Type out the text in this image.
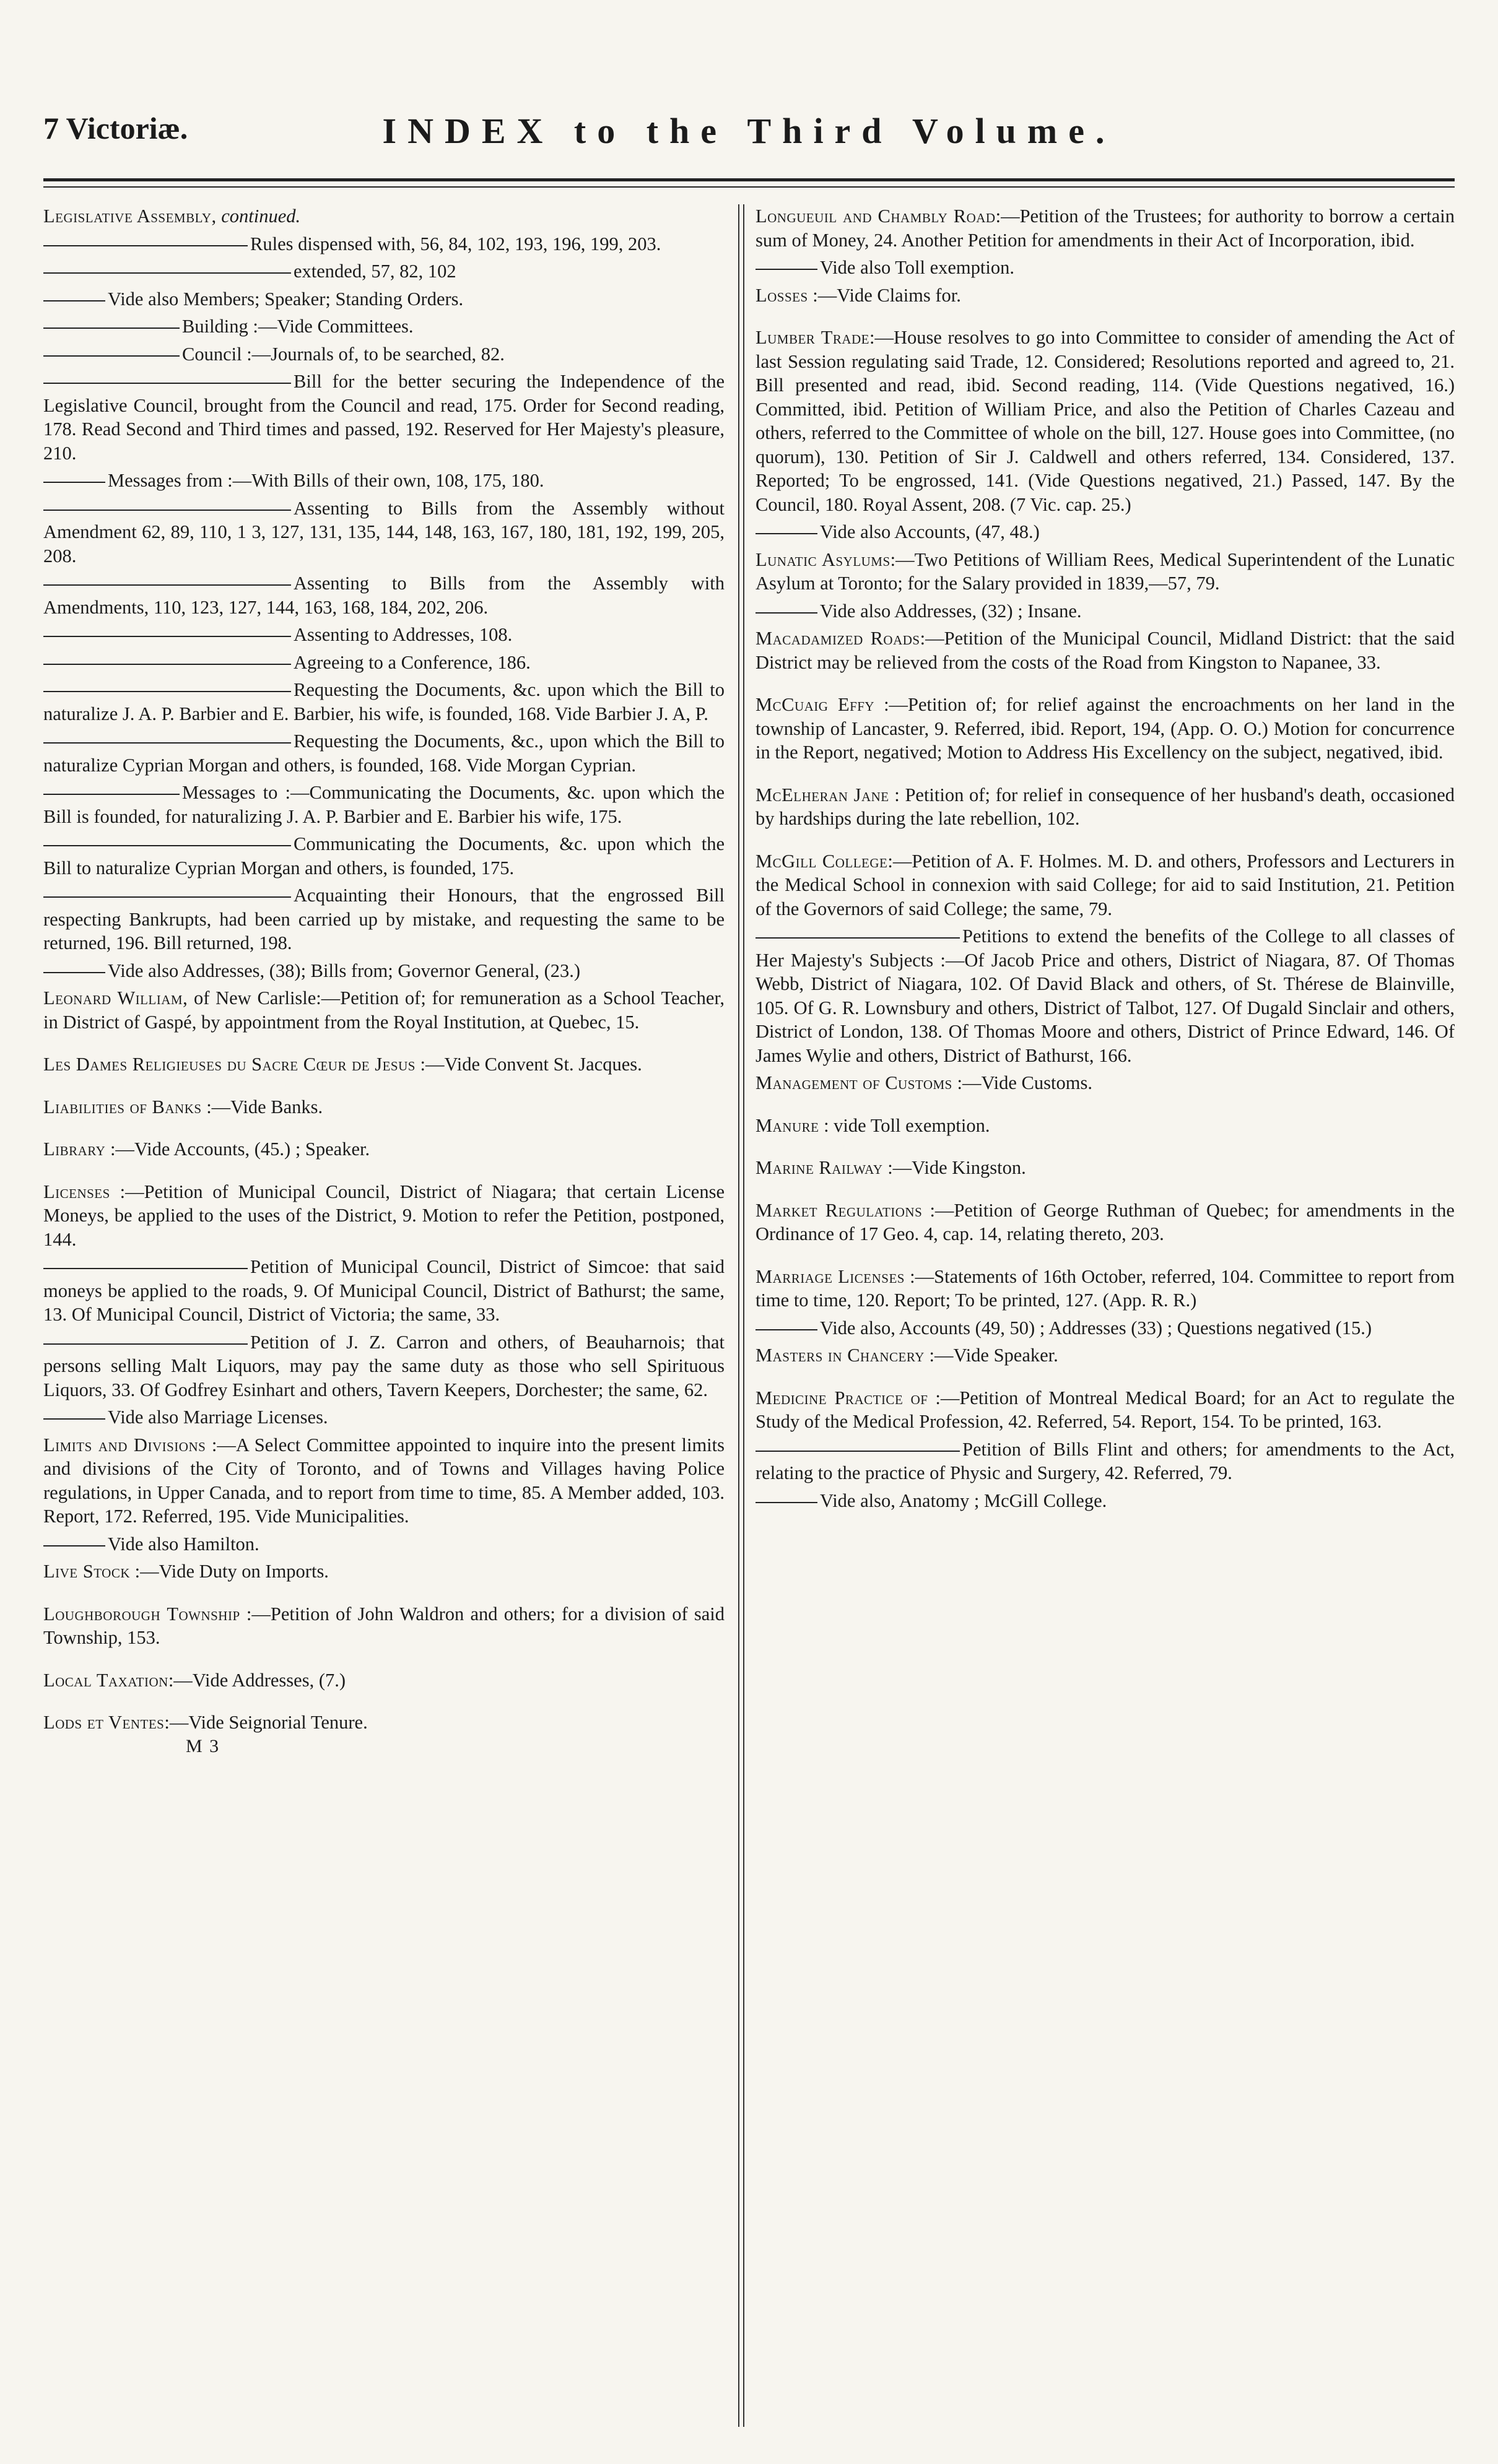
7 Victoriæ.	INDEX to the Third Volume.

Legislative Assembly, continued.

Rules dispensed with, 56, 84, 102, 193, 196, 199, 203.

extended, 57, 82, 102

Vide also Members; Speaker; Standing Orders.

Building :—Vide Committees.

Council :—Journals of, to be searched, 82.

Bill for the better securing the Independence of the Legislative Council, brought from the Council and read, 175. Order for Second reading, 178. Read Second and Third times and passed, 192. Reserved for Her Majesty's pleasure, 210.

Messages from :—With Bills of their own, 108, 175, 180.

Assenting to Bills from the Assembly without Amendment 62, 89, 110, 1 3, 127, 131, 135, 144, 148, 163, 167, 180, 181, 192, 199, 205, 208.

Assenting to Bills from the Assembly with Amendments, 110, 123, 127, 144, 163, 168, 184, 202, 206.

Assenting to Addresses, 108.

Agreeing to a Conference, 186.

Requesting the Documents, &c. upon which the Bill to naturalize J. A. P. Barbier and E. Barbier, his wife, is founded, 168. Vide Barbier J. A, P.

Requesting the Documents, &c., upon which the Bill to naturalize Cyprian Morgan and others, is founded, 168. Vide Morgan Cyprian.

Messages to :—Communicating the Documents, &c. upon which the Bill is founded, for naturalizing J. A. P. Barbier and E. Barbier his wife, 175.

Communicating the Documents, &c. upon which the Bill to naturalize Cyprian Morgan and others, is founded, 175.

Acquainting their Honours, that the engrossed Bill respecting Bankrupts, had been carried up by mistake, and requesting the same to be returned, 196. Bill returned, 198.

Vide also Addresses, (38); Bills from; Governor General, (23.)

Leonard William, of New Carlisle:—Petition of; for remuneration as a School Teacher, in District of Gaspé, by appointment from the Royal Institution, at Quebec, 15.

Les Dames Religieuses du Sacre Cœur de Jesus :—Vide Convent St. Jacques.

Liabilities of Banks :—Vide Banks.

Library :—Vide Accounts, (45.) ; Speaker.

Licenses :—Petition of Municipal Council, District of Niagara; that certain License Moneys, be applied to the uses of the District, 9. Motion to refer the Petition, postponed, 144.

Petition of Municipal Council, District of Simcoe: that said moneys be applied to the roads, 9. Of Municipal Council, District of Bathurst; the same, 13. Of Municipal Council, District of Victoria; the same, 33.

Petition of J. Z. Carron and others, of Beauharnois; that persons selling Malt Liquors, may pay the same duty as those who sell Spirituous Liquors, 33. Of Godfrey Esinhart and others, Tavern Keepers, Dorchester; the same, 62.

Vide also Marriage Licenses.

Limits and Divisions :—A Select Committee appointed to inquire into the present limits and divisions of the City of Toronto, and of Towns and Villages having Police regulations, in Upper Canada, and to report from time to time, 85. A Member added, 103. Report, 172. Referred, 195. Vide Municipalities.

Vide also Hamilton.

Live Stock :—Vide Duty on Imports.

Loughborough Township :—Petition of John Waldron and others; for a division of said Township, 153.

Local Taxation:—Vide Addresses, (7.)

Lods et Ventes:—Vide Seignorial Tenure.

M 3

Longueuil and Chambly Road:—Petition of the Trustees; for authority to borrow a certain sum of Money, 24. Another Petition for amendments in their Act of Incorporation, ibid.

Vide also Toll exemption.

Losses :—Vide Claims for.

Lumber Trade:—House resolves to go into Committee to consider of amending the Act of last Session regulating said Trade, 12. Considered; Resolutions reported and agreed to, 21. Bill presented and read, ibid. Second reading, 114. (Vide Questions negatived, 16.) Committed, ibid. Petition of William Price, and also the Petition of Charles Cazeau and others, referred to the Committee of whole on the bill, 127. House goes into Committee, (no quorum), 130. Petition of Sir J. Caldwell and others referred, 134. Considered, 137. Reported; To be engrossed, 141. (Vide Questions negatived, 21.) Passed, 147. By the Council, 180. Royal Assent, 208. (7 Vic. cap. 25.)

Vide also Accounts, (47, 48.)

Lunatic Asylums:—Two Petitions of William Rees, Medical Superintendent of the Lunatic Asylum at Toronto; for the Salary provided in 1839,—57, 79.

Vide also Addresses, (32) ; Insane.

Macadamized Roads:—Petition of the Municipal Council, Midland District: that the said District may be relieved from the costs of the Road from Kingston to Napanee, 33.

McCuaig Effy :—Petition of; for relief against the encroachments on her land in the township of Lancaster, 9. Referred, ibid. Report, 194, (App. O. O.) Motion for concurrence in the Report, negatived; Motion to Address His Excellency on the subject, negatived, ibid.

McElheran Jane : Petition of; for relief in consequence of her husband's death, occasioned by hardships during the late rebellion, 102.

McGill College:—Petition of A. F. Holmes. M. D. and others, Professors and Lecturers in the Medical School in connexion with said College; for aid to said Institution, 21. Petition of the Governors of said College; the same, 79.

Petitions to extend the benefits of the College to all classes of Her Majesty's Subjects :—Of Jacob Price and others, District of Niagara, 87. Of Thomas Webb, District of Niagara, 102. Of David Black and others, of St. Thérese de Blainville, 105. Of G. R. Lownsbury and others, District of Talbot, 127. Of Dugald Sinclair and others, District of London, 138. Of Thomas Moore and others, District of Prince Edward, 146. Of James Wylie and others, District of Bathurst, 166.

Management of Customs :—Vide Customs.

Manure : vide Toll exemption.

Marine Railway :—Vide Kingston.

Market Regulations :—Petition of George Ruthman of Quebec; for amendments in the Ordinance of 17 Geo. 4, cap. 14, relating thereto, 203.

Marriage Licenses :—Statements of 16th October, referred, 104. Committee to report from time to time, 120. Report; To be printed, 127. (App. R. R.)

Vide also, Accounts (49, 50) ; Addresses (33) ; Questions negatived (15.)

Masters in Chancery :—Vide Speaker.

Medicine Practice of :—Petition of Montreal Medical Board; for an Act to regulate the Study of the Medical Profession, 42. Referred, 54. Report, 154. To be printed, 163.

Petition of Bills Flint and others; for amendments to the Act, relating to the practice of Physic and Surgery, 42. Referred, 79.

Vide also, Anatomy ; McGill College.
